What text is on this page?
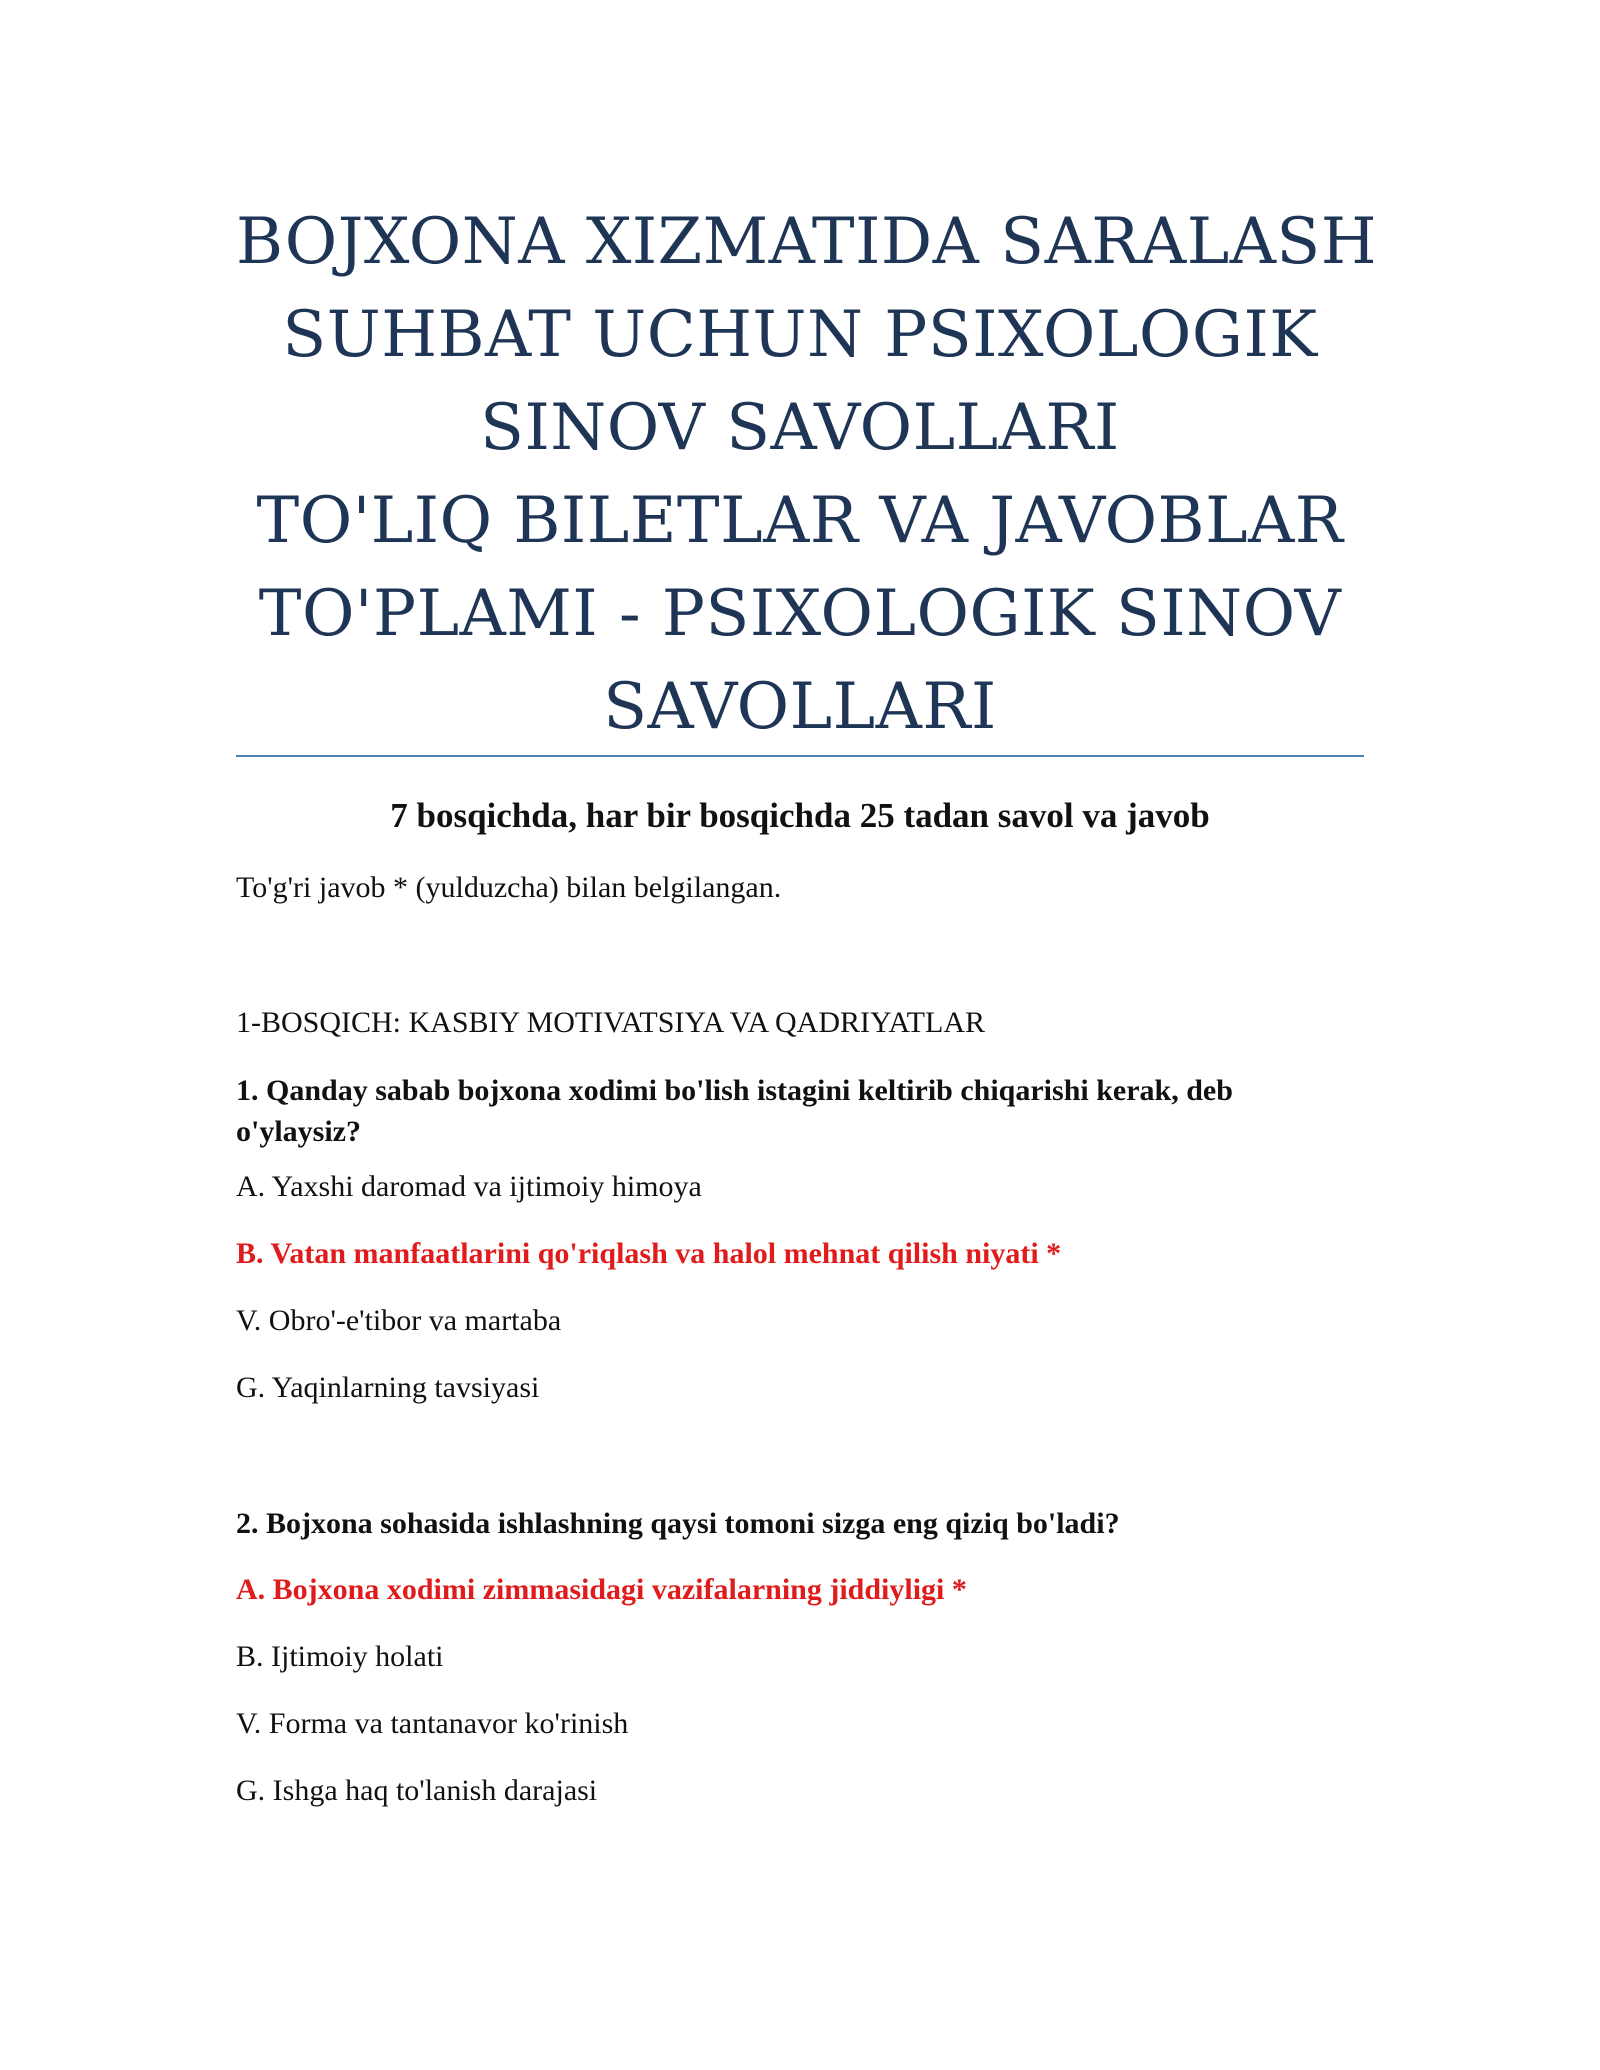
BOJXONA XIZMATIDA SARALASH
SUHBAT UCHUN PSIXOLOGIK
SINOV SAVOLLARI
TO'LIQ BILETLAR VA JAVOBLAR
TO'PLAMI - PSIXOLOGIK SINOV
SAVOLLARI
7 bosqichda, har bir bosqichda 25 tadan savol va javob
To'g'ri javob * (yulduzcha) bilan belgilangan.
1-BOSQICH: KASBIY MOTIVATSIYA VA QADRIYATLAR
1. Qanday sabab bojxona xodimi bo'lish istagini keltirib chiqarishi kerak, deb o'ylaysiz?
A. Yaxshi daromad va ijtimoiy himoya
B. Vatan manfaatlarini qo'riqlash va halol mehnat qilish niyati *
V. Obro'-e'tibor va martaba
G. Yaqinlarning tavsiyasi
2. Bojxona sohasida ishlashning qaysi tomoni sizga eng qiziq bo'ladi?
A. Bojxona xodimi zimmasidagi vazifalarning jiddiyligi *
B. Ijtimoiy holati
V. Forma va tantanavor ko'rinish
G. Ishga haq to'lanish darajasi
